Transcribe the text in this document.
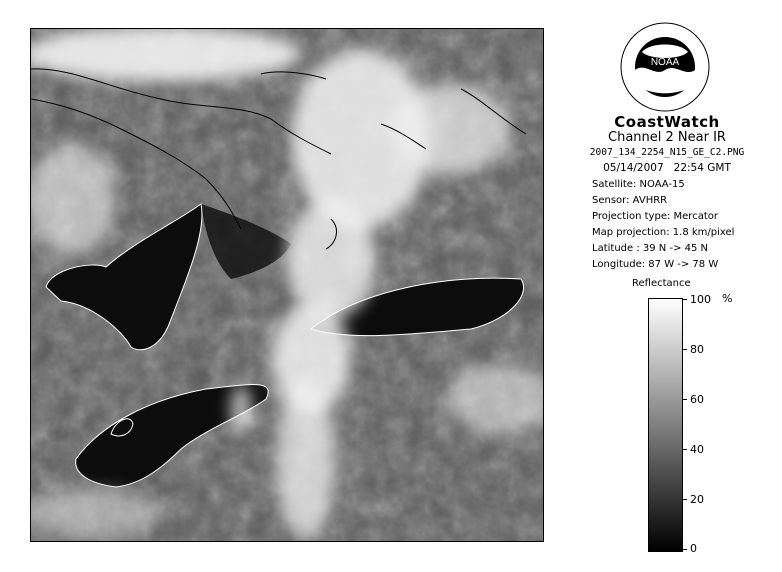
NOAA
CoastWatch
Channel 2 Near IR
2007_134_2254_N15_GE_C2.PNG
05/14/2007 22:54 GMT
Satellite: NOAA-15
Sensor: AVHRR
Projection type: Mercator
Map projection: 1.8 km/pixel
Latitude : 39 N -> 45 N
Longitude: 87 W -> 78 W
Reflectance
%
100
80
60
40
20
0
